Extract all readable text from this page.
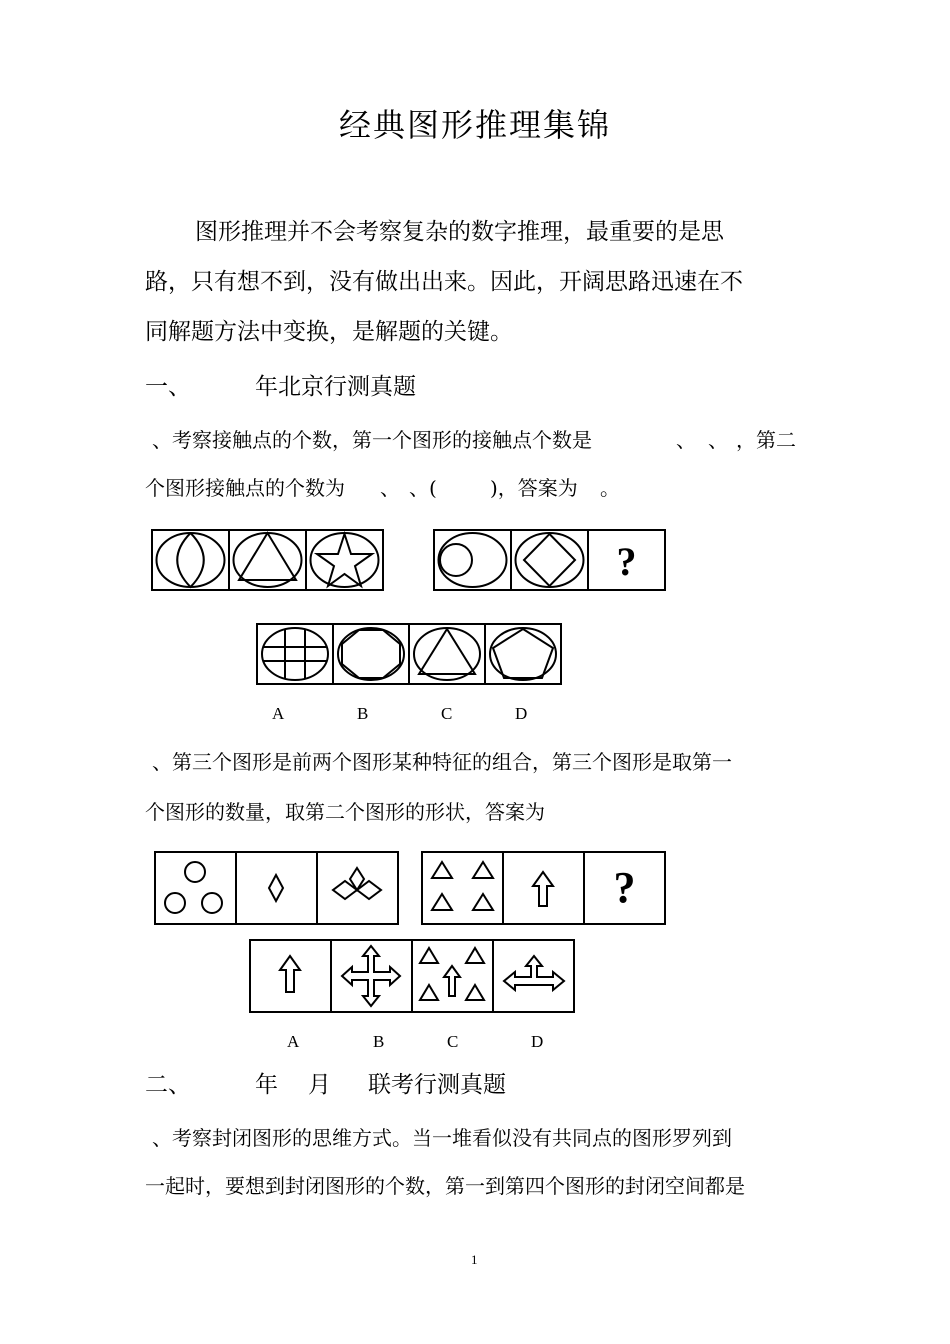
经典图形推理集锦
图形推理并不会考察复杂的数字推理，最重要的是思
路，只有想不到，没有做出出来。因此，开阔思路迅速在不
同解题方法中变换，是解题的关键。
一、	年北京行测真题
、考察接触点的个数，第一个图形的接触点个数是	、 、 ，第二
个图形接触点的个数为 、 、(	)，答案为 。
?
A	B	C	D
、第三个图形是前两个图形某种特征的组合，第三个图形是取第一
个图形的数量，取第二个图形的形状，答案为
?
A	B	C	D
二、	年 月 联考行测真题
、考察封闭图形的思维方式。当一堆看似没有共同点的图形罗列到
一起时，要想到封闭图形的个数，第一到第四个图形的封闭空间都是
1
